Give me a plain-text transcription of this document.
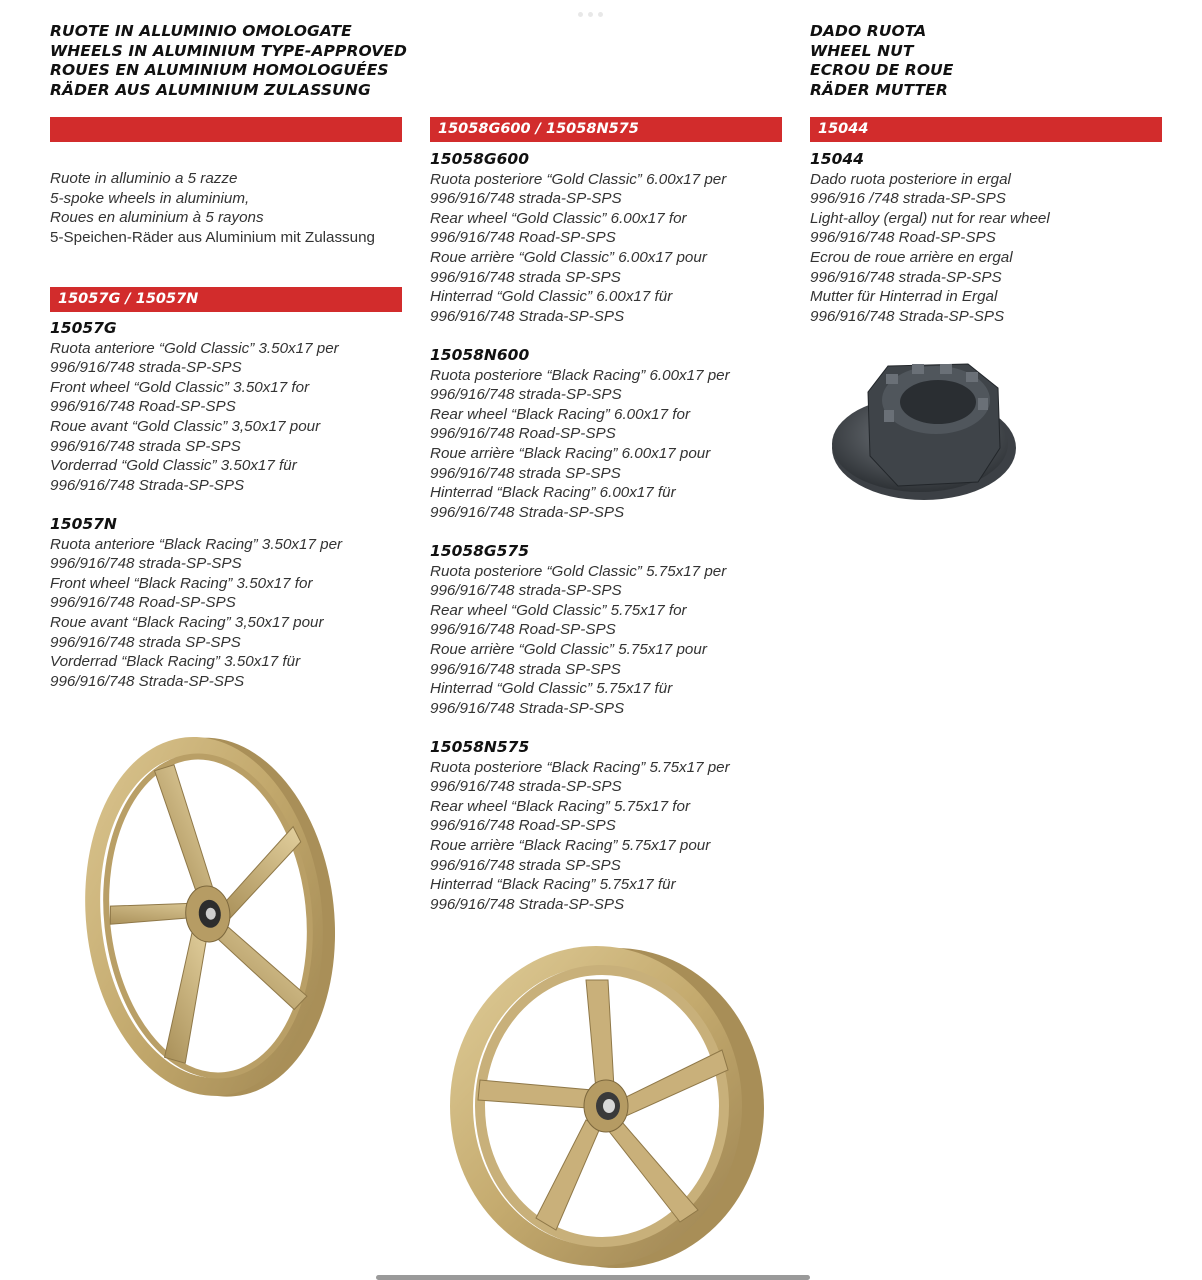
RUOTE IN ALLUMINIO OMOLOGATE
WHEELS IN ALUMINIUM TYPE-APPROVED
ROUES EN ALUMINIUM HOMOLOGUÉES
RÄDER AUS ALUMINIUM ZULASSUNG
Ruote in alluminio a 5 razze
5-spoke wheels in aluminium,
Roues en aluminium à 5 rayons
5-Speichen-Räder aus Aluminium mit Zulassung
15057G / 15057N
15057G
Ruota anteriore “Gold Classic” 3.50x17 per
996/916/748 strada-SP-SPS
Front wheel “Gold Classic” 3.50x17 for
996/916/748 Road-SP-SPS
Roue avant “Gold Classic” 3,50x17 pour
996/916/748 strada SP-SPS
Vorderrad “Gold Classic” 3.50x17 für
996/916/748 Strada-SP-SPS
15057N
Ruota anteriore “Black Racing” 3.50x17 per
996/916/748 strada-SP-SPS
Front wheel “Black Racing” 3.50x17 for
996/916/748 Road-SP-SPS
Roue avant “Black Racing” 3,50x17 pour
996/916/748 strada SP-SPS
Vorderrad “Black Racing” 3.50x17 für
996/916/748 Strada-SP-SPS
15058G600 / 15058N575
15058G600
Ruota posteriore “Gold Classic” 6.00x17 per
996/916/748 strada-SP-SPS
Rear wheel “Gold Classic” 6.00x17 for
996/916/748 Road-SP-SPS
Roue arrière “Gold Classic” 6.00x17 pour
996/916/748 strada SP-SPS
Hinterrad “Gold Classic” 6.00x17 für
996/916/748 Strada-SP-SPS
15058N600
Ruota posteriore “Black Racing” 6.00x17 per
996/916/748 strada-SP-SPS
Rear wheel “Black Racing” 6.00x17 for
996/916/748 Road-SP-SPS
Roue arrière “Black Racing” 6.00x17 pour
996/916/748 strada SP-SPS
Hinterrad “Black Racing” 6.00x17 für
996/916/748 Strada-SP-SPS
15058G575
Ruota posteriore “Gold Classic” 5.75x17 per
996/916/748 strada-SP-SPS
Rear wheel “Gold Classic” 5.75x17 for
996/916/748 Road-SP-SPS
Roue arrière “Gold Classic” 5.75x17 pour
996/916/748 strada SP-SPS
Hinterrad “Gold Classic” 5.75x17 für
996/916/748 Strada-SP-SPS
15058N575
Ruota posteriore “Black Racing” 5.75x17 per
996/916/748 strada-SP-SPS
Rear wheel “Black Racing” 5.75x17 for
996/916/748 Road-SP-SPS
Roue arrière “Black Racing” 5.75x17 pour
996/916/748 strada SP-SPS
Hinterrad “Black Racing” 5.75x17 für
996/916/748 Strada-SP-SPS
DADO RUOTA
WHEEL NUT
ECROU DE ROUE
RÄDER MUTTER
15044
15044
Dado ruota posteriore in ergal
996/916 /748 strada-SP-SPS
Light-alloy (ergal) nut for rear wheel
996/916/748 Road-SP-SPS
Ecrou de roue arrière en ergal
996/916/748 strada-SP-SPS
Mutter für Hinterrad in Ergal
996/916/748 Strada-SP-SPS
